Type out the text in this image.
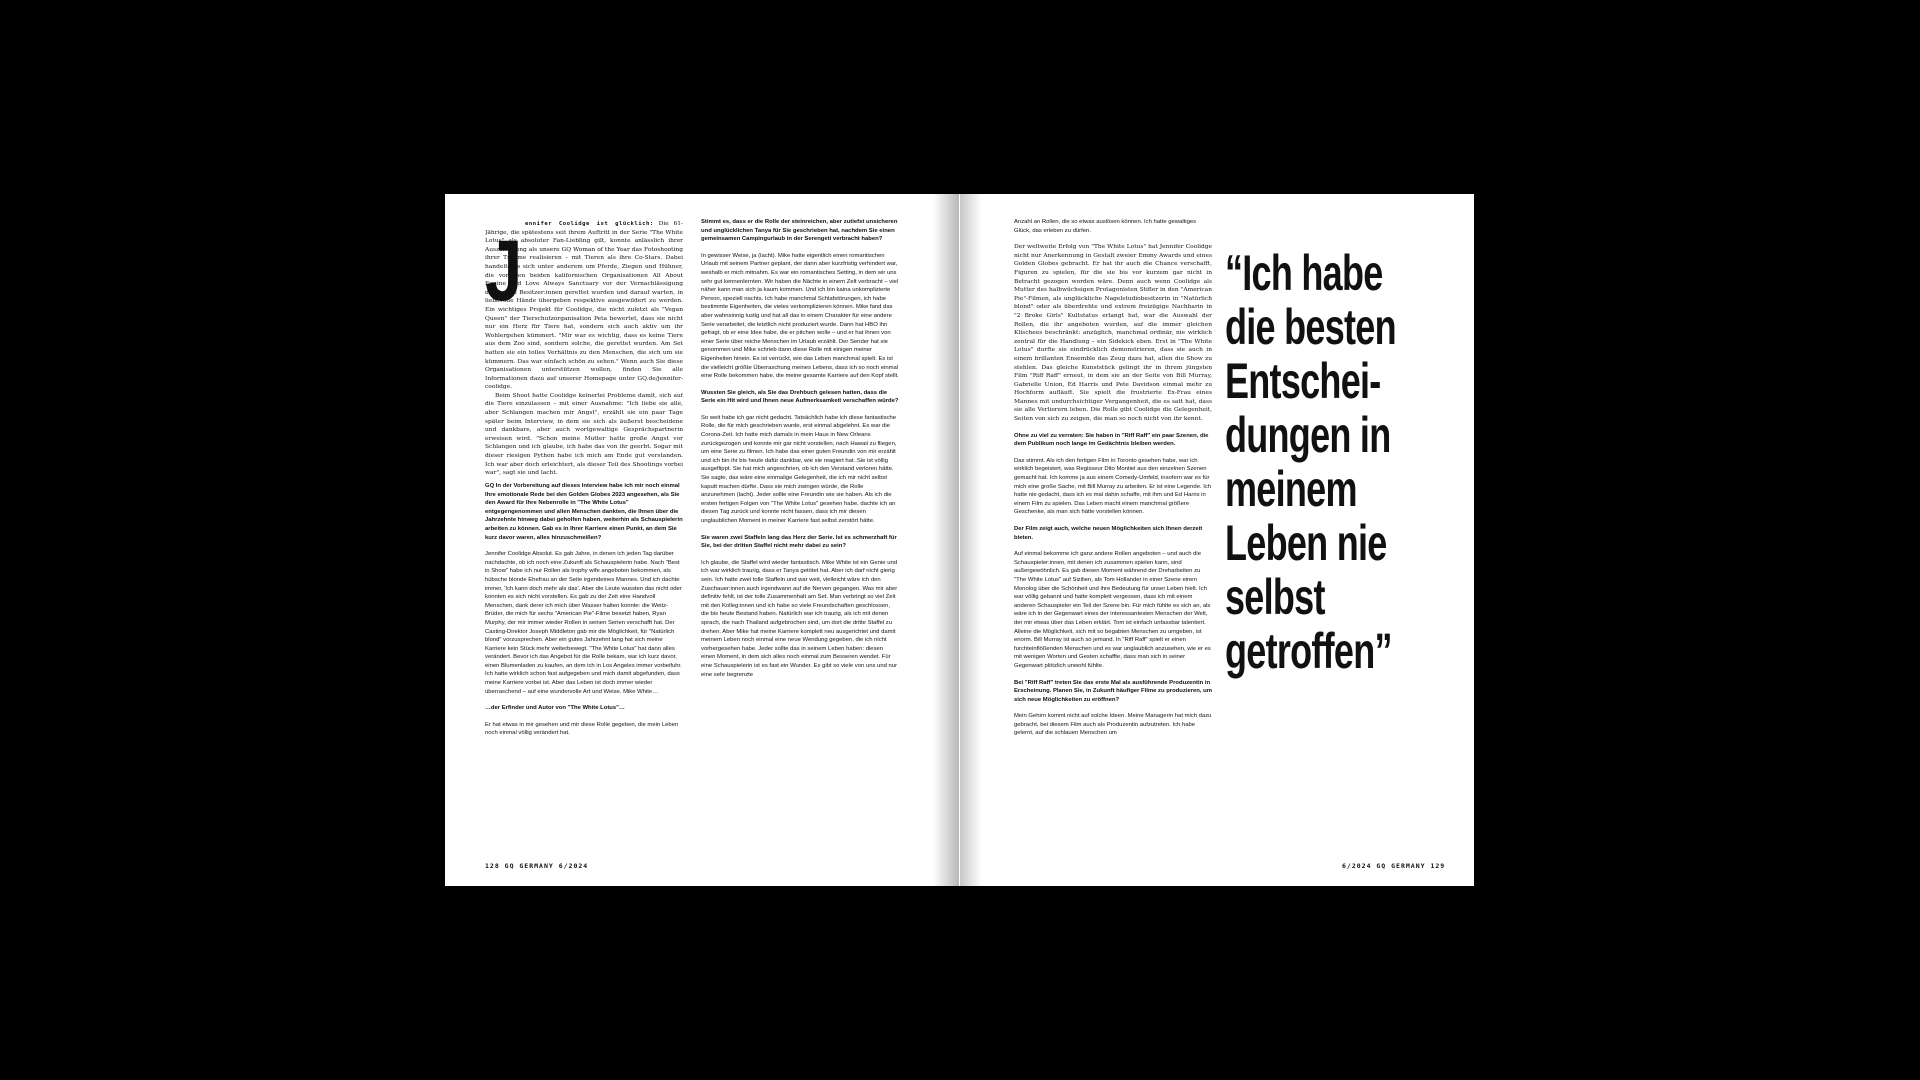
J ennifer Coolidge ist glücklich: Die 61-Jährige, die spätestens seit ihrem Auftritt in der Serie "The White Lotus" als absoluter Fan-Liebling gilt, konnte anlässlich ihrer Auszeichnung als unsere GQ Woman of the Year das Fotoshooting ihrer Träume realisieren – mit Tieren als ihre Co-Stars. Dabei handelte es sich unter anderem um Pferde, Ziegen und Hühner, die von den beiden kalifornischen Organisationen All About Equine und Love Always Sanctuary vor der Vernachlässigung durch ihre Besitzer:innen gerettet wurden und darauf warten, in liebevolle Hände übergeben respektive ausgewildert zu werden. Ein wichtiges Projekt für Coolidge, die nicht zuletzt als "Vegan Queen" der Tierschutzorganisation Peta bewertet, dass sie nicht nur ein Herz für Tiere hat, sondern sich auch aktiv um ihr Wohlergehen kümmert. "Mir war es wichtig, dass es keine Tiere aus dem Zoo sind, sondern solche, die gerettet wurden. Am Set hatten sie ein tolles Verhältnis zu den Menschen, die sich um sie kümmern. Das war einfach schön zu sehen." Wenn auch Sie diese Organisationen unterstützen wollen, finden Sie alle Informationen dazu auf unserer Homepage unter GQ.de/jennifer-coolidge.

Beim Shoot hatte Coolidge keinerlei Probleme damit, sich auf die Tiere einzulassen – mit einer Ausnahme: "Ich liebe sie alle, aber Schlangen machen mir Angst", erzählt sie ein paar Tage später beim Interview, in dem sie sich als äußerst bescheidene und dankbare, aber auch wortgewaltige Gesprächspartnerin erweisen wird. "Schon meine Mutter hatte große Angst vor Schlangen und ich glaube, ich habe das von ihr geerbt. Sogar mit dieser riesigen Python habe ich mich am Ende gut verstanden. Ich war aber doch erleichtert, als dieser Teil des Shootings vorbei war", sagt sie und lacht.

GQ In der Vorbereitung auf dieses Interview habe ich mir noch einmal Ihre emotionale Rede bei den Golden Globes 2023 angesehen, als Sie den Award für Ihre Nebenrolle in "The White Lotus" entgegengenommen und allen Menschen dankten, die Ihnen über die Jahrzehnte hinweg dabei geholfen haben, weiterhin als Schauspielerin arbeiten zu können. Gab es in Ihrer Karriere einen Punkt, an dem Sie kurz davor waren, alles hinzuschmeißen?

Jennifer Coolidge Absolut. Es gab Jahre, in denen ich jeden Tag darüber nachdachte, ob ich noch eine Zukunft als Schauspielerin habe. Nach "Best in Show" habe ich nur Rollen als trophy wife angeboten bekommen, als hübsche blonde Ehefrau an der Seite irgendeines Mannes. Und ich dachte immer, 'Ich kann doch mehr als das'. Aber die Leute wussten das nicht oder konnten es sich nicht vorstellen. Es gab zu der Zeit eine Handvoll Menschen, dank derer ich mich über Wasser halten konnte: die Weitz-Brüder, die mich für sechs "American Pie"-Filme besetzt haben, Ryan Murphy, der mir immer wieder Rollen in seinen Serien verschafft hat. Der Casting-Direktor Joseph Middleton gab mir die Möglichkeit, für "Natürlich blond" vorzusprechen. Aber ein gutes Jahrzehnt lang hat sich meine Karriere kein Stück mehr weiterbewegt. "The White Lotus" hat dann alles verändert. Bevor ich das Angebot für die Rolle bekam, war ich kurz davor, einen Blumenladen zu kaufen, an dem ich in Los Angeles immer vorbeifuhr. Ich hatte wirklich schon fast aufgegeben und mich damit abgefunden, dass meine Karriere vorbei ist. Aber das Leben ist doch immer wieder überraschend – auf eine wundervolle Art und Weise. Mike White…

…der Erfinder und Autor von "The White Lotus"…

Er hat etwas in mir gesehen und mir diese Rolle gegeben, die mein Leben noch einmal völlig verändert hat.

Stimmt es, dass er die Rolle der steinreichen, aber zutiefst unsicheren und unglücklichen Tanya für Sie geschrieben hat, nachdem Sie einen gemeinsamen Campingurlaub in der Serengeti verbracht haben?

In gewisser Weise, ja (lacht). Mike hatte eigentlich einen romantischen Urlaub mit seinem Partner geplant, der dann aber kurzfristig verhindert war, weshalb er mich mitnahm. Es war ein romantisches Setting, in dem wir uns sehr gut kennenlernten. Wir haben die Nächte in einem Zelt verbracht – viel näher kann man sich ja kaum kommen. Und ich bin kaina unkomplizierte Person, speziell nachts. Ich habe manchmal Schlafstörungen, ich habe bestimmte Eigenheiten, die vieles verkomplizieren können. Mike fand das aber wahnsinnig lustig und hat all das in einem Charakter für eine andere Serie verarbeitet, die letztlich nicht produziert wurde. Dann hat HBO ihn gefragt, ob er eine Idee habe, die er pitchen wolle – und er hat ihnen von einer Serie über reiche Menschen im Urlaub erzählt. Der Sender hat sie genommen und Mike schrieb dann diese Rolle mit einigen meiner Eigenheiten hinein. Es ist verrückt, wie das Leben manchmal spielt. Es ist die vielleicht größte Überraschung meines Lebens, dass ich so noch einmal eine Rolle bekommen habe, die meine gesamte Karriere auf den Kopf stellt.

Wussten Sie gleich, als Sie das Drehbuch gelesen hatten, dass die Serie ein Hit wird und Ihnen neue Aufmerksamkeit verschaffen würde?

So weit habe ich gar nicht gedacht. Tatsächlich habe ich diese fantastische Rolle, die für mich geschrieben wurde, erst einmal abgelehnt. Es war die Corona-Zeit. Ich hatte mich damals in mein Haus in New Orleans zurückgezogen und konnte mir gar nicht vorstellen, nach Hawaii zu fliegen, um eine Serie zu filmen. Ich habe das einer guten Freundin von mir erzählt und ich bin ihr bis heute dafür dankbar, wie sie reagiert hat. Sie ist völlig ausgeflippt. Sie hat mich angeschrien, ob ich den Verstand verloren hätte. Sie sagte, das wäre eine einmalige Gelegenheit, die ich mir nicht selbst kaputt machen dürfte. Dass sie mich zwingen würde, die Rolle anzunehmen (lacht). Jeder sollte eine Freundin wie sie haben. Als ich die ersten fertigen Folgen von "The White Lotus" gesehen habe, dachte ich an diesen Tag zurück und konnte nicht fassen, dass ich mir diesen unglaublichen Moment in meiner Karriere fast selbst zerstört hätte.

Sie waren zwei Staffeln lang das Herz der Serie. Ist es schmerzhaft für Sie, bei der dritten Staffel nicht mehr dabei zu sein?

Ich glaube, die Staffel wird wieder fantastisch. Mike White ist ein Genie und ich war wirklich traurig, dass er Tanya getötet hat. Aber ich darf nicht gierig sein. Ich hatte zwei tolle Staffeln und war weit, vielleicht wäre ich den Zuschauer:innen auch irgendwann auf die Nerven gegangen. Was mir aber definitiv fehlt, ist der tolle Zusammenhalt am Set. Man verbringt so viel Zeit mit den Kolleg:innen und ich habe so viele Freundschaften geschlossen, die bis heute Bestand haben. Natürlich war ich traurig, als ich mit denen sprach, die nach Thailand aufgebrochen sind, um dort die dritte Staffel zu drehen. Aber Mike hat meine Karriere komplett neu ausgerichtet und damit meinem Leben noch einmal eine neue Wendung gegeben, die ich nicht vorhergesehen habe. Jeder sollte das in seinem Leben haben: diesen einen Moment, in dem sich alles noch einmal zum Besseren wendet. Für eine Schauspielerin ist es fast ein Wunder. Es gibt so viele von uns und nur eine sehr begrenzte

128 GQ GERMANY 6/2024

Anzahl an Rollen, die so etwas auslösen können. Ich hatte gewaltiges Glück, das erleben zu dürfen.

Der weltweite Erfolg von "The White Lotus" hat Jennifer Coolidge nicht nur Anerkennung in Gestalt zweier Emmy Awards und eines Golden Globes gebracht. Er hat ihr auch die Chance verschafft, Figuren zu spielen, für die sie bis vor kurzem gar nicht in Betracht gezogen worden wäre. Denn auch wenn Coolidge als Mutter des halbwüchsigen Protagonisten Stifler in den "American Pie"-Filmen, als unglückliche Nagelstudiobesitzerin in "Natürlich blond" oder als überdrehte und extrem freizügige Nachbarin in "2 Broke Girls" Kultstatus erlangt hat, war die Auswahl der Rollen, die ihr angeboten wurden, auf die immer gleichen Klischees beschränkt: anzüglich, manchmal ordinär, nie wirklich zentral für die Handlung – ein Sidekick eben. Erst in "The White Lotus" durfte sie eindrücklich demonstrieren, dass sie auch in einem brillanten Ensemble das Zeug dazu hat, allen die Show zu stehlen. Das gleiche Kunststück gelingt ihr in ihrem jüngsten Film "Riff Raff" erneut, in dem sie an der Seite von Bill Murray, Gabrielle Union, Ed Harris und Pete Davidson einmal mehr zu Hochform aufläuft. Sie spielt die frustrierte Ex-Frau eines Mannes mit undurchsichtiger Vergangenheit, die es satt hat, dass sie alle Verlierern leben. Die Rolle gibt Coolidge die Gelegenheit, Seiten von sich zu zeigen, die man so noch nicht von ihr kennt.

Ohne zu viel zu verraten: Sie haben in "Riff Raff" ein paar Szenen, die dem Publikum noch lange im Gedächtnis bleiben werden.

Das stimmt. Als ich den fertigen Film in Toronto gesehen habe, war ich wirklich begeistert, was Regisseur Dito Montiel aus den einzelnen Szenen gemacht hat. Ich komme ja aus einem Comedy-Umfeld, insofern war es für mich eine große Sache, mit Bill Murray zu arbeiten. Er ist eine Legende. Ich hatte nie gedacht, dass ich es mal dahin schaffe, mit ihm und Ed Harris in einem Film zu spielen. Das Leben macht einem manchmal größere Geschenke, als man sich hätte vorstellen können.

Der Film zeigt auch, welche neuen Möglichkeiten sich Ihnen derzeit bieten.

Auf einmal bekomme ich ganz andere Rollen angeboten – und auch die Schauspieler:innen, mit denen ich zusammen spielen kann, sind außergewöhnlich. Es gab diesen Moment während der Dreharbeiten zu "The White Lotus" auf Sizilien, als Tom Hollander in einer Szene einen Monolog über die Schönheit und ihre Bedeutung für unser Leben hielt. Ich war völlig gebannt und hatte komplett vergessen, dass ich mit einem anderen Schauspieler ein Teil der Szene bin. Für mich fühlte es sich an, als wäre ich in der Gegenwart eines der interessantesten Menschen der Welt, der mir etwas über das Leben erklärt. Tom ist einfach unfassbar talentiert. Alleine die Möglichkeit, sich mit so begabten Menschen zu umgeben, ist enorm. Bill Murray ist auch so jemand. In "Riff Raff" spielt er einen furchteinflößenden Menschen und es war unglaublich anzusehen, wie er es mit wenigen Worten und Gesten schaffte, dass man sich in seiner Gegenwart plötzlich unwohl fühlte.

Bei "Riff Raff" treten Sie das erste Mal als ausführende Produzentin in Erscheinung. Planen Sie, in Zukunft häufiger Filme zu produzieren, um sich neue Möglichkeiten zu eröffnen?

Mein Gehirn kommt nicht auf solche Ideen. Meine Managerin hat mich dazu gebracht, bei diesem Film auch als Produzentin aufzutreten. Ich habe gelernt, auf die schlauen Menschen um

6/2024 GQ GERMANY 129
“Ich habe
die besten
Entschei-
dungen in
meinem
Leben nie
selbst
getroffen”
